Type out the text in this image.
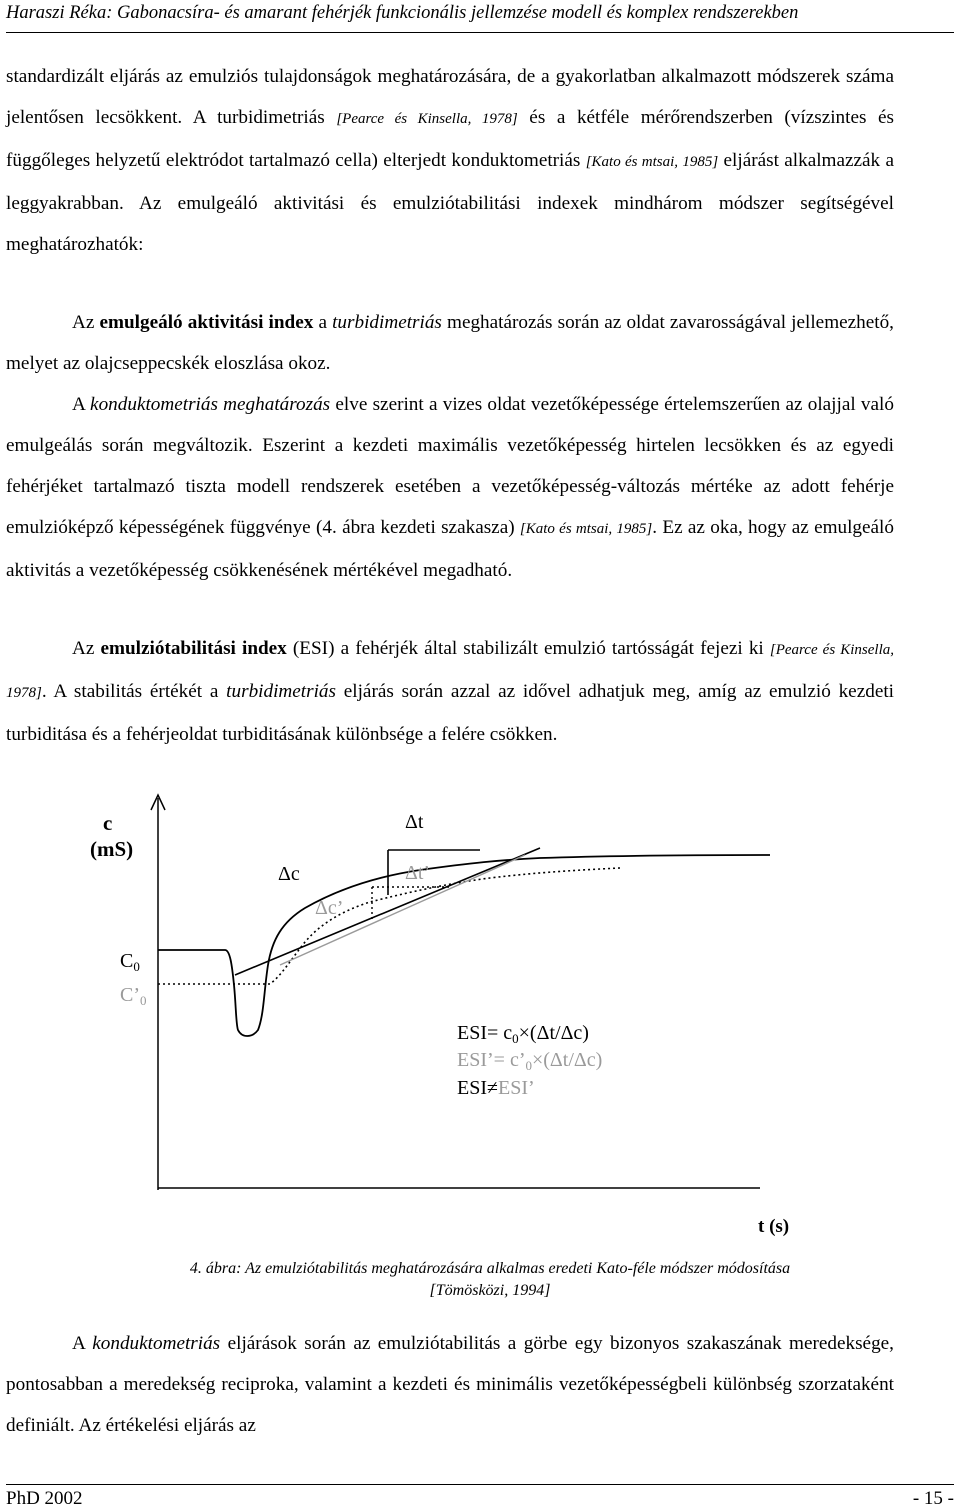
Haraszi Réka: Gabonacsíra- és amarant fehérjék funkcionális jellemzése modell és komplex rendszerekben

standardizált eljárás az emulziós tulajdonságok meghatározására, de a gyakorlatban alkalmazott módszerek száma jelentősen lecsökkent. A turbidimetriás [Pearce és Kinsella, 1978] és a kétféle mérőrendszerben (vízszintes és függőleges helyzetű elektródot tartalmazó cella) elterjedt konduktometriás [Kato és mtsai, 1985] eljárást alkalmazzák a leggyakrabban. Az emulgeáló aktivitási és emulziótabilitási indexek mindhárom módszer segítségével meghatározhatók:

Az emulgeáló aktivitási index a turbidimetriás meghatározás során az oldat zavarosságával jellemezhető, melyet az olajcseppecskék eloszlása okoz.

A konduktometriás meghatározás elve szerint a vizes oldat vezetőképessége értelemszerűen az olajjal való emulgeálás során megváltozik. Eszerint a kezdeti maximális vezetőképesség hirtelen lecsökken és az egyedi fehérjéket tartalmazó tiszta modell rendszerek esetében a vezetőképesség-változás mértéke az adott fehérje emulzióképző képességének függvénye (4. ábra kezdeti szakasza) [Kato és mtsai, 1985]. Ez az oka, hogy az emulgeáló aktivitás a vezetőképesség csökkenésének mértékével megadható.

Az emulziótabilitási index (ESI) a fehérjék által stabilizált emulzió tartósságát fejezi ki [Pearce és Kinsella, 1978]. A stabilitás értékét a turbidimetriás eljárás során azzal az idővel adhatjuk meg, amíg az emulzió kezdeti turbiditása és a fehérjeoldat turbiditásának különbsége a felére csökken.

c
(mS)
$C_0$
$C’_0$
Δt
Δt’
Δc
Δc’
$ESI= c_0\times(\Delta t/\Delta c)$
ESI’= $c’_0\times(\Delta t/\Delta c)$
ESI≠ESI’
t (s)
4. ábra: Az emulziótabilitás meghatározására alkalmas eredeti Kato-féle módszer módosítása
[Tömösközi, 1994]

A konduktometriás eljárások során az emulziótabilitás a görbe egy bizonyos szakaszának meredeksége, pontosabban a meredekség reciproka, valamint a kezdeti és minimális vezetőképességbeli különbség szorzataként definiált. Az értékelési eljárás az

PhD 2002	- 15 -
